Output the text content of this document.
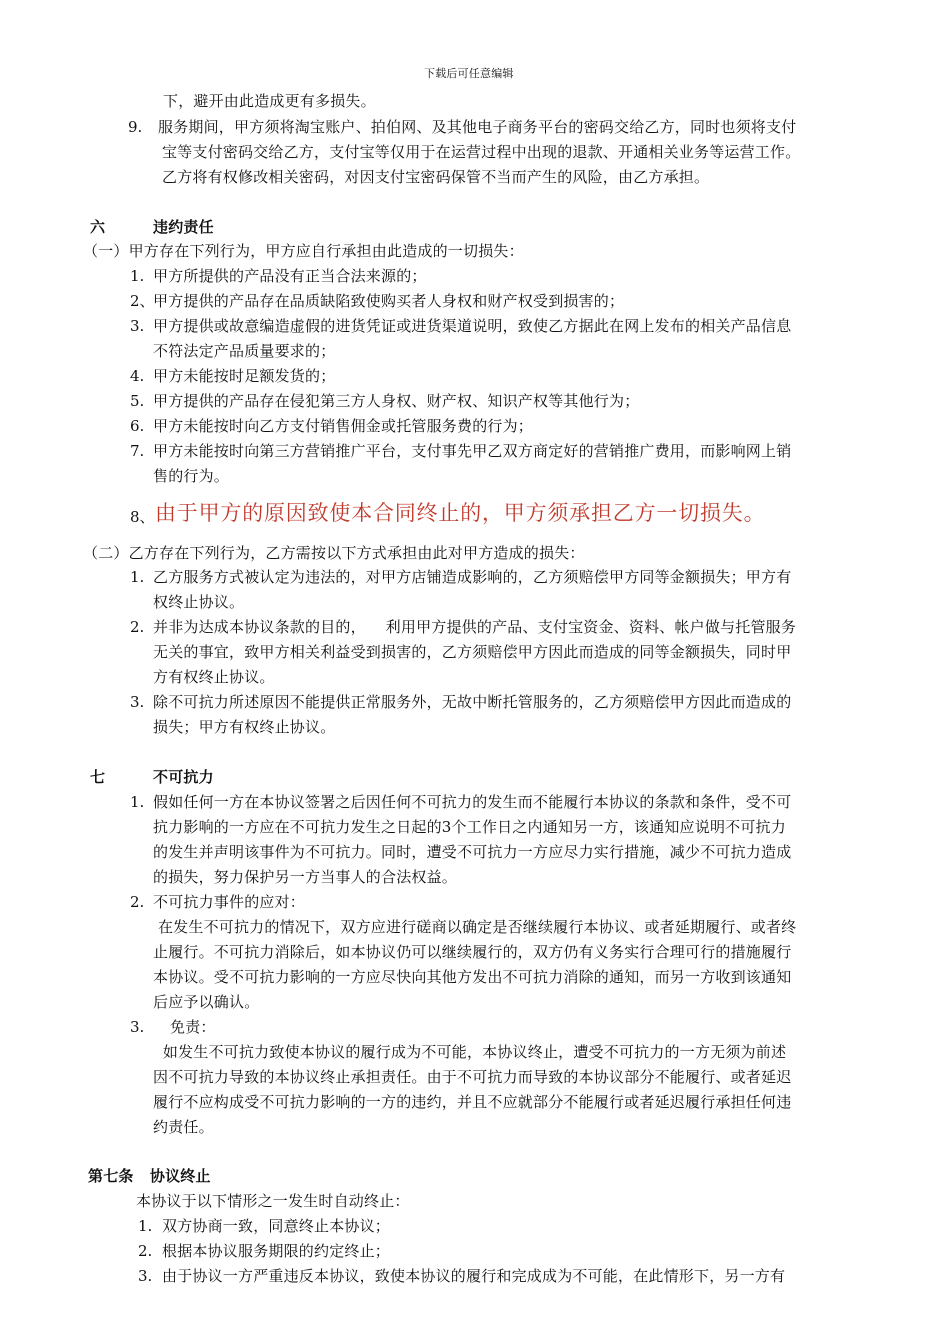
下载后可任意编辑
下，避开由此造成更有多损失。
9. 服务期间，甲方须将淘宝账户、拍伯网、及其他电子商务平台的密码交给乙方，同时也须将支付
宝等支付密码交给乙方，支付宝等仅用于在运营过程中出现的退款、开通相关业务等运营工作。
乙方将有权修改相关密码，对因支付宝密码保管不当而产生的风险，由乙方承担。
六	违约责任
（一）甲方存在下列行为，甲方应自行承担由此造成的一切损失：
1. 甲方所提供的产品没有正当合法来源的；
2、
甲方提供的产品存在品质缺陷致使购买者人身权和财产权受到损害的；
3. 甲方提供或故意编造虚假的进货凭证或进货渠道说明，致使乙方据此在网上发布的相关产品信息
不符法定产品质量要求的；
4. 甲方未能按时足额发货的；
5. 甲方提供的产品存在侵犯第三方人身权、财产权、知识产权等其他行为；
6. 甲方未能按时向乙方支付销售佣金或托管服务费的行为；
7. 甲方未能按时向第三方营销推广平台，支付事先甲乙双方商定好的营销推广费用，而影响网上销
售的行为。
8、 由于甲方的原因致使本合同终止的，甲方须承担乙方一切损失。
（二）乙方存在下列行为，乙方需按以下方式承担由此对甲方造成的损失：
1. 乙方服务方式被认定为违法的，对甲方店铺造成影响的，乙方须赔偿甲方同等金额损失；甲方有
权终止协议。
2. 并非为达成本协议条款的目的，    利用甲方提供的产品、支付宝资金、资料、帐户做与托管服务
无关的事宜，致甲方相关利益受到损害的，乙方须赔偿甲方因此而造成的同等金额损失，同时甲
方有权终止协议。
3. 除不可抗力所述原因不能提供正常服务外，无故中断托管服务的，乙方须赔偿甲方因此而造成的
损失；甲方有权终止协议。
七	不可抗力
1. 假如任何一方在本协议签署之后因任何不可抗力的发生而不能履行本协议的条款和条件，受不可
抗力影响的一方应在不可抗力发生之日起的3个工作日之内通知另一方，该通知应说明不可抗力
的发生并声明该事件为不可抗力。同时，遭受不可抗力一方应尽力实行措施，减少不可抗力造成
的损失，努力保护另一方当事人的合法权益。
2. 不可抗力事件的应对：
在发生不可抗力的情况下，双方应进行磋商以确定是否继续履行本协议、或者延期履行、或者终
止履行。不可抗力消除后，如本协议仍可以继续履行的，双方仍有义务实行合理可行的措施履行
本协议。受不可抗力影响的一方应尽快向其他方发出不可抗力消除的通知，而另一方收到该通知
后应予以确认。
3. 免责：
如发生不可抗力致使本协议的履行成为不可能，本协议终止，遭受不可抗力的一方无须为前述
因不可抗力导致的本协议终止承担责任。由于不可抗力而导致的本协议部分不能履行、或者延迟
履行不应构成受不可抗力影响的一方的违约，并且不应就部分不能履行或者延迟履行承担任何违
约责任。
第七条   协议终止
本协议于以下情形之一发生时自动终止：
1. 双方协商一致，同意终止本协议；
2. 根据本协议服务期限的约定终止；
3. 由于协议一方严重违反本协议，致使本协议的履行和完成成为不可能，在此情形下，另一方有
